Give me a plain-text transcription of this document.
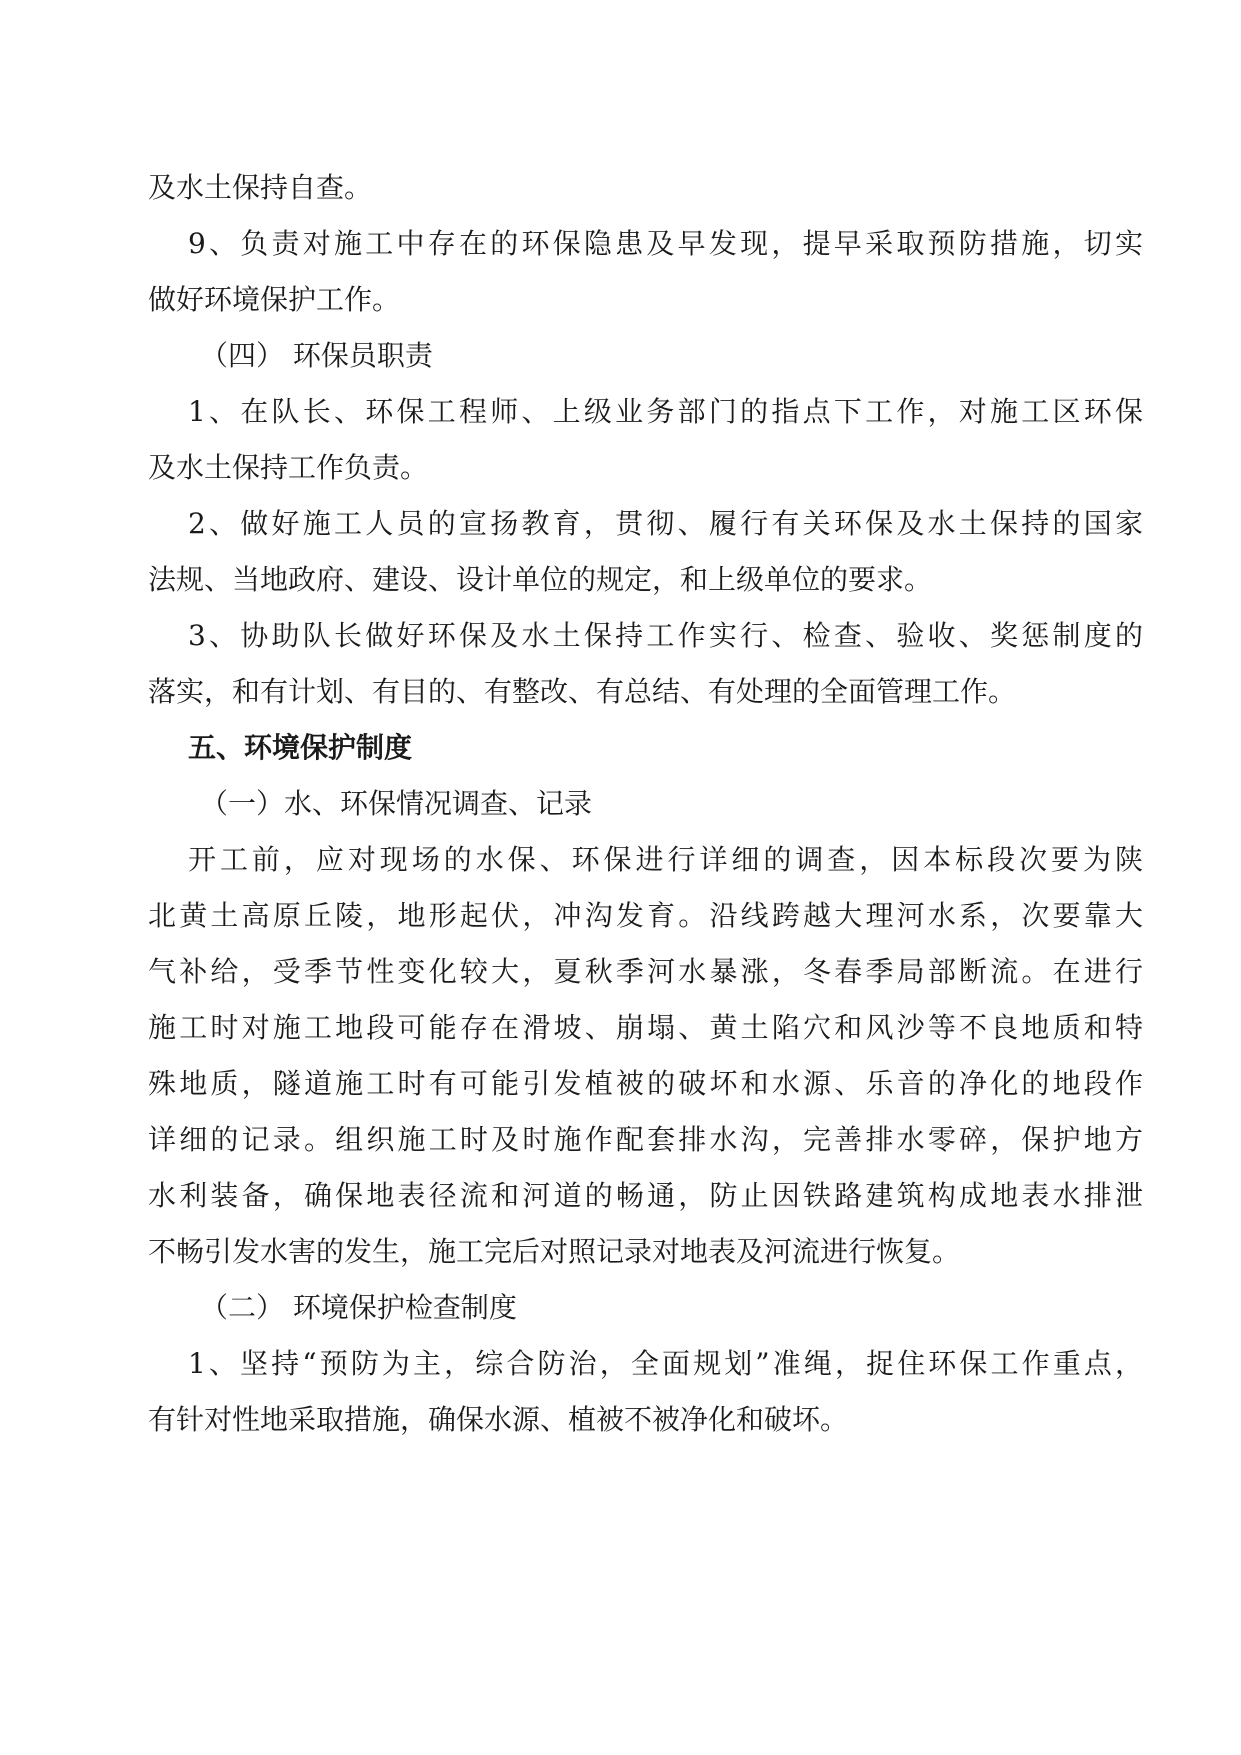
及水土保持自查。
9、负责对施工中存在的环保隐患及早发现，提早采取预防措施，切实
做好环境保护工作。
（四） 环保员职责
1、在队长、环保工程师、上级业务部门的指点下工作，对施工区环保
及水土保持工作负责。
2、做好施工人员的宣扬教育，贯彻、履行有关环保及水土保持的国家
法规、当地政府、建设、设计单位的规定，和上级单位的要求。
3、协助队长做好环保及水土保持工作实行、检查、验收、奖惩制度的
落实，和有计划、有目的、有整改、有总结、有处理的全面管理工作。
五、环境保护制度
（一）水、环保情况调查、记录
开工前，应对现场的水保、环保进行详细的调查，因本标段次要为陕
北黄土高原丘陵，地形起伏，冲沟发育。沿线跨越大理河水系，次要靠大
气补给，受季节性变化较大，夏秋季河水暴涨，冬春季局部断流。在进行
施工时对施工地段可能存在滑坡、崩塌、黄土陷穴和风沙等不良地质和特
殊地质，隧道施工时有可能引发植被的破坏和水源、乐音的净化的地段作
详细的记录。组织施工时及时施作配套排水沟，完善排水零碎，保护地方
水利装备，确保地表径流和河道的畅通，防止因铁路建筑构成地表水排泄
不畅引发水害的发生，施工完后对照记录对地表及河流进行恢复。
（二） 环境保护检查制度
1、坚持“预防为主，综合防治，全面规划”准绳，捉住环保工作重点，
有针对性地采取措施，确保水源、植被不被净化和破坏。
